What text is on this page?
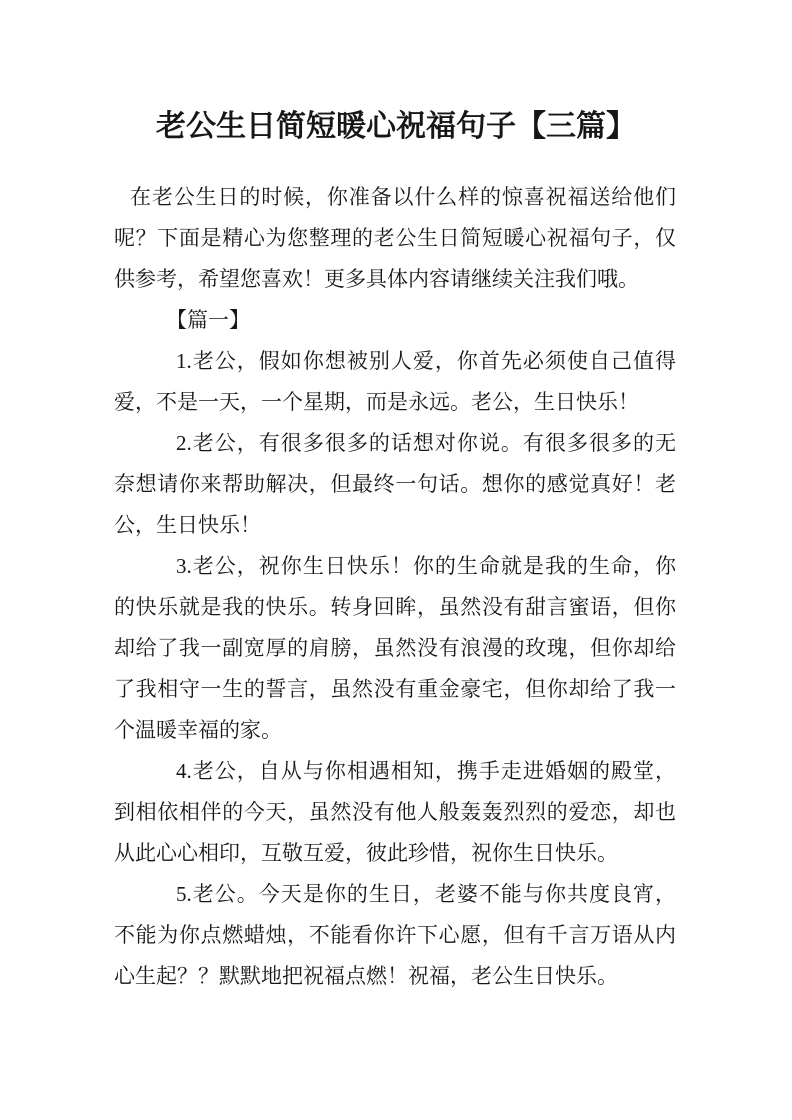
老公生日简短暖心祝福句子【三篇】
在老公生日的时候，你准备以什么样的惊喜祝福送给他们
呢？下面是精心为您整理的老公生日简短暖心祝福句子，仅
供参考，希望您喜欢！更多具体内容请继续关注我们哦。
【篇一】
1.老公，假如你想被别人爱，你首先必须使自己值得
爱，不是一天，一个星期，而是永远。老公，生日快乐！
2.老公，有很多很多的话想对你说。有很多很多的无
奈想请你来帮助解决，但最终一句话。想你的感觉真好！老
公，生日快乐！
3.老公，祝你生日快乐！你的生命就是我的生命，你
的快乐就是我的快乐。转身回眸，虽然没有甜言蜜语，但你
却给了我一副宽厚的肩膀，虽然没有浪漫的玫瑰，但你却给
了我相守一生的誓言，虽然没有重金豪宅，但你却给了我一
个温暖幸福的家。
4.老公，自从与你相遇相知，携手走进婚姻的殿堂，
到相依相伴的今天，虽然没有他人般轰轰烈烈的爱恋，却也
从此心心相印，互敬互爱，彼此珍惜，祝你生日快乐。
5.老公。今天是你的生日，老婆不能与你共度良宵，
不能为你点燃蜡烛，不能看你许下心愿，但有千言万语从内
心生起？？默默地把祝福点燃！祝福，老公生日快乐。
